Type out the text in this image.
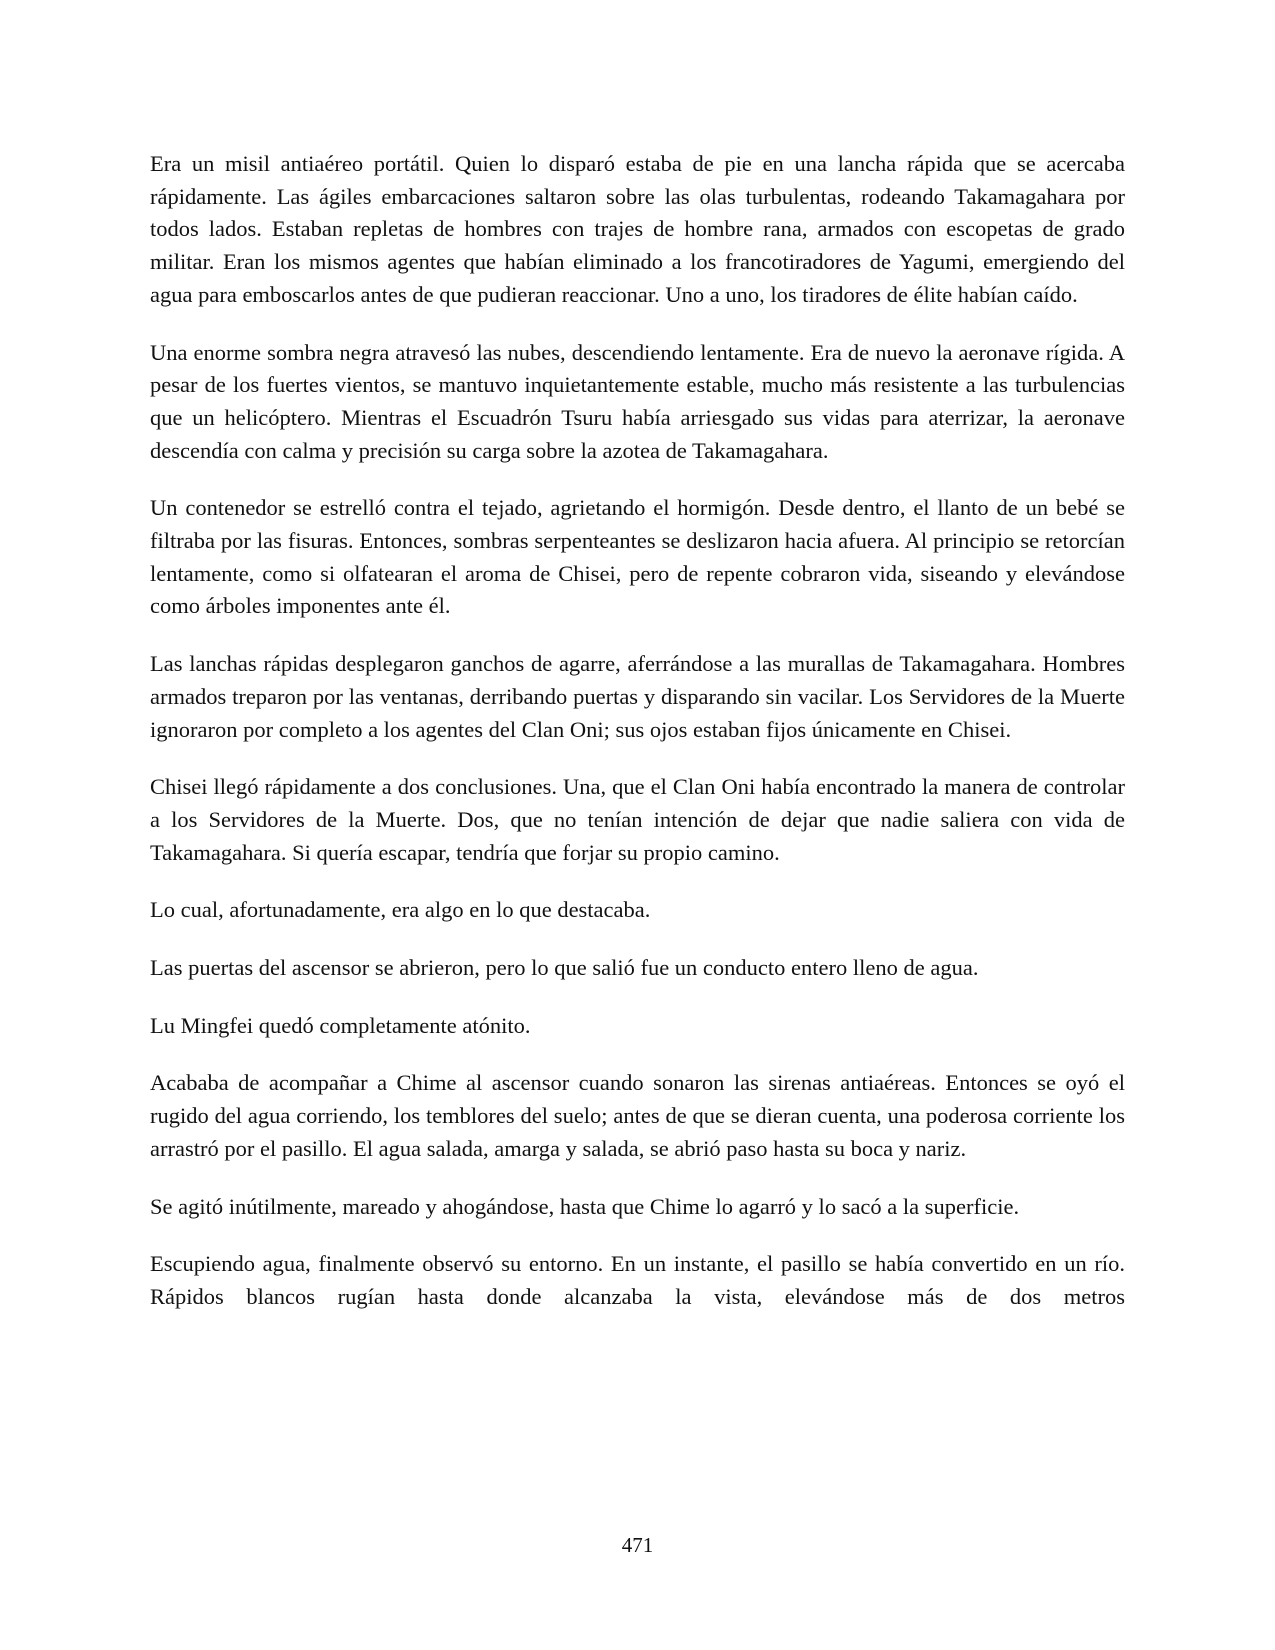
Era un misil antiaéreo portátil. Quien lo disparó estaba de pie en una lancha rápida que se acercaba rápidamente. Las ágiles embarcaciones saltaron sobre las olas turbulentas, rodeando Takamagahara por todos lados. Estaban repletas de hombres con trajes de hombre rana, armados con escopetas de grado militar. Eran los mismos agentes que habían eliminado a los francotiradores de Yagumi, emergiendo del agua para emboscarlos antes de que pudieran reaccionar. Uno a uno, los tiradores de élite habían caído.

Una enorme sombra negra atravesó las nubes, descendiendo lentamente. Era de nuevo la aeronave rígida. A pesar de los fuertes vientos, se mantuvo inquietantemente estable, mucho más resistente a las turbulencias que un helicóptero. Mientras el Escuadrón Tsuru había arriesgado sus vidas para aterrizar, la aeronave descendía con calma y precisión su carga sobre la azotea de Takamagahara.

Un contenedor se estrelló contra el tejado, agrietando el hormigón. Desde dentro, el llanto de un bebé se filtraba por las fisuras. Entonces, sombras serpenteantes se deslizaron hacia afuera. Al principio se retorcían lentamente, como si olfatearan el aroma de Chisei, pero de repente cobraron vida, siseando y elevándose como árboles imponentes ante él.

Las lanchas rápidas desplegaron ganchos de agarre, aferrándose a las murallas de Takamagahara. Hombres armados treparon por las ventanas, derribando puertas y disparando sin vacilar. Los Servidores de la Muerte ignoraron por completo a los agentes del Clan Oni; sus ojos estaban fijos únicamente en Chisei.

Chisei llegó rápidamente a dos conclusiones. Una, que el Clan Oni había encontrado la manera de controlar a los Servidores de la Muerte. Dos, que no tenían intención de dejar que nadie saliera con vida de Takamagahara. Si quería escapar, tendría que forjar su propio camino.

Lo cual, afortunadamente, era algo en lo que destacaba.

Las puertas del ascensor se abrieron, pero lo que salió fue un conducto entero lleno de agua.

Lu Mingfei quedó completamente atónito.

Acababa de acompañar a Chime al ascensor cuando sonaron las sirenas antiaéreas. Entonces se oyó el rugido del agua corriendo, los temblores del suelo; antes de que se dieran cuenta, una poderosa corriente los arrastró por el pasillo. El agua salada, amarga y salada, se abrió paso hasta su boca y nariz.

Se agitó inútilmente, mareado y ahogándose, hasta que Chime lo agarró y lo sacó a la superficie.

Escupiendo agua, finalmente observó su entorno. En un instante, el pasillo se había convertido en un río. Rápidos blancos rugían hasta donde alcanzaba la vista, elevándose más de dos metros

471
